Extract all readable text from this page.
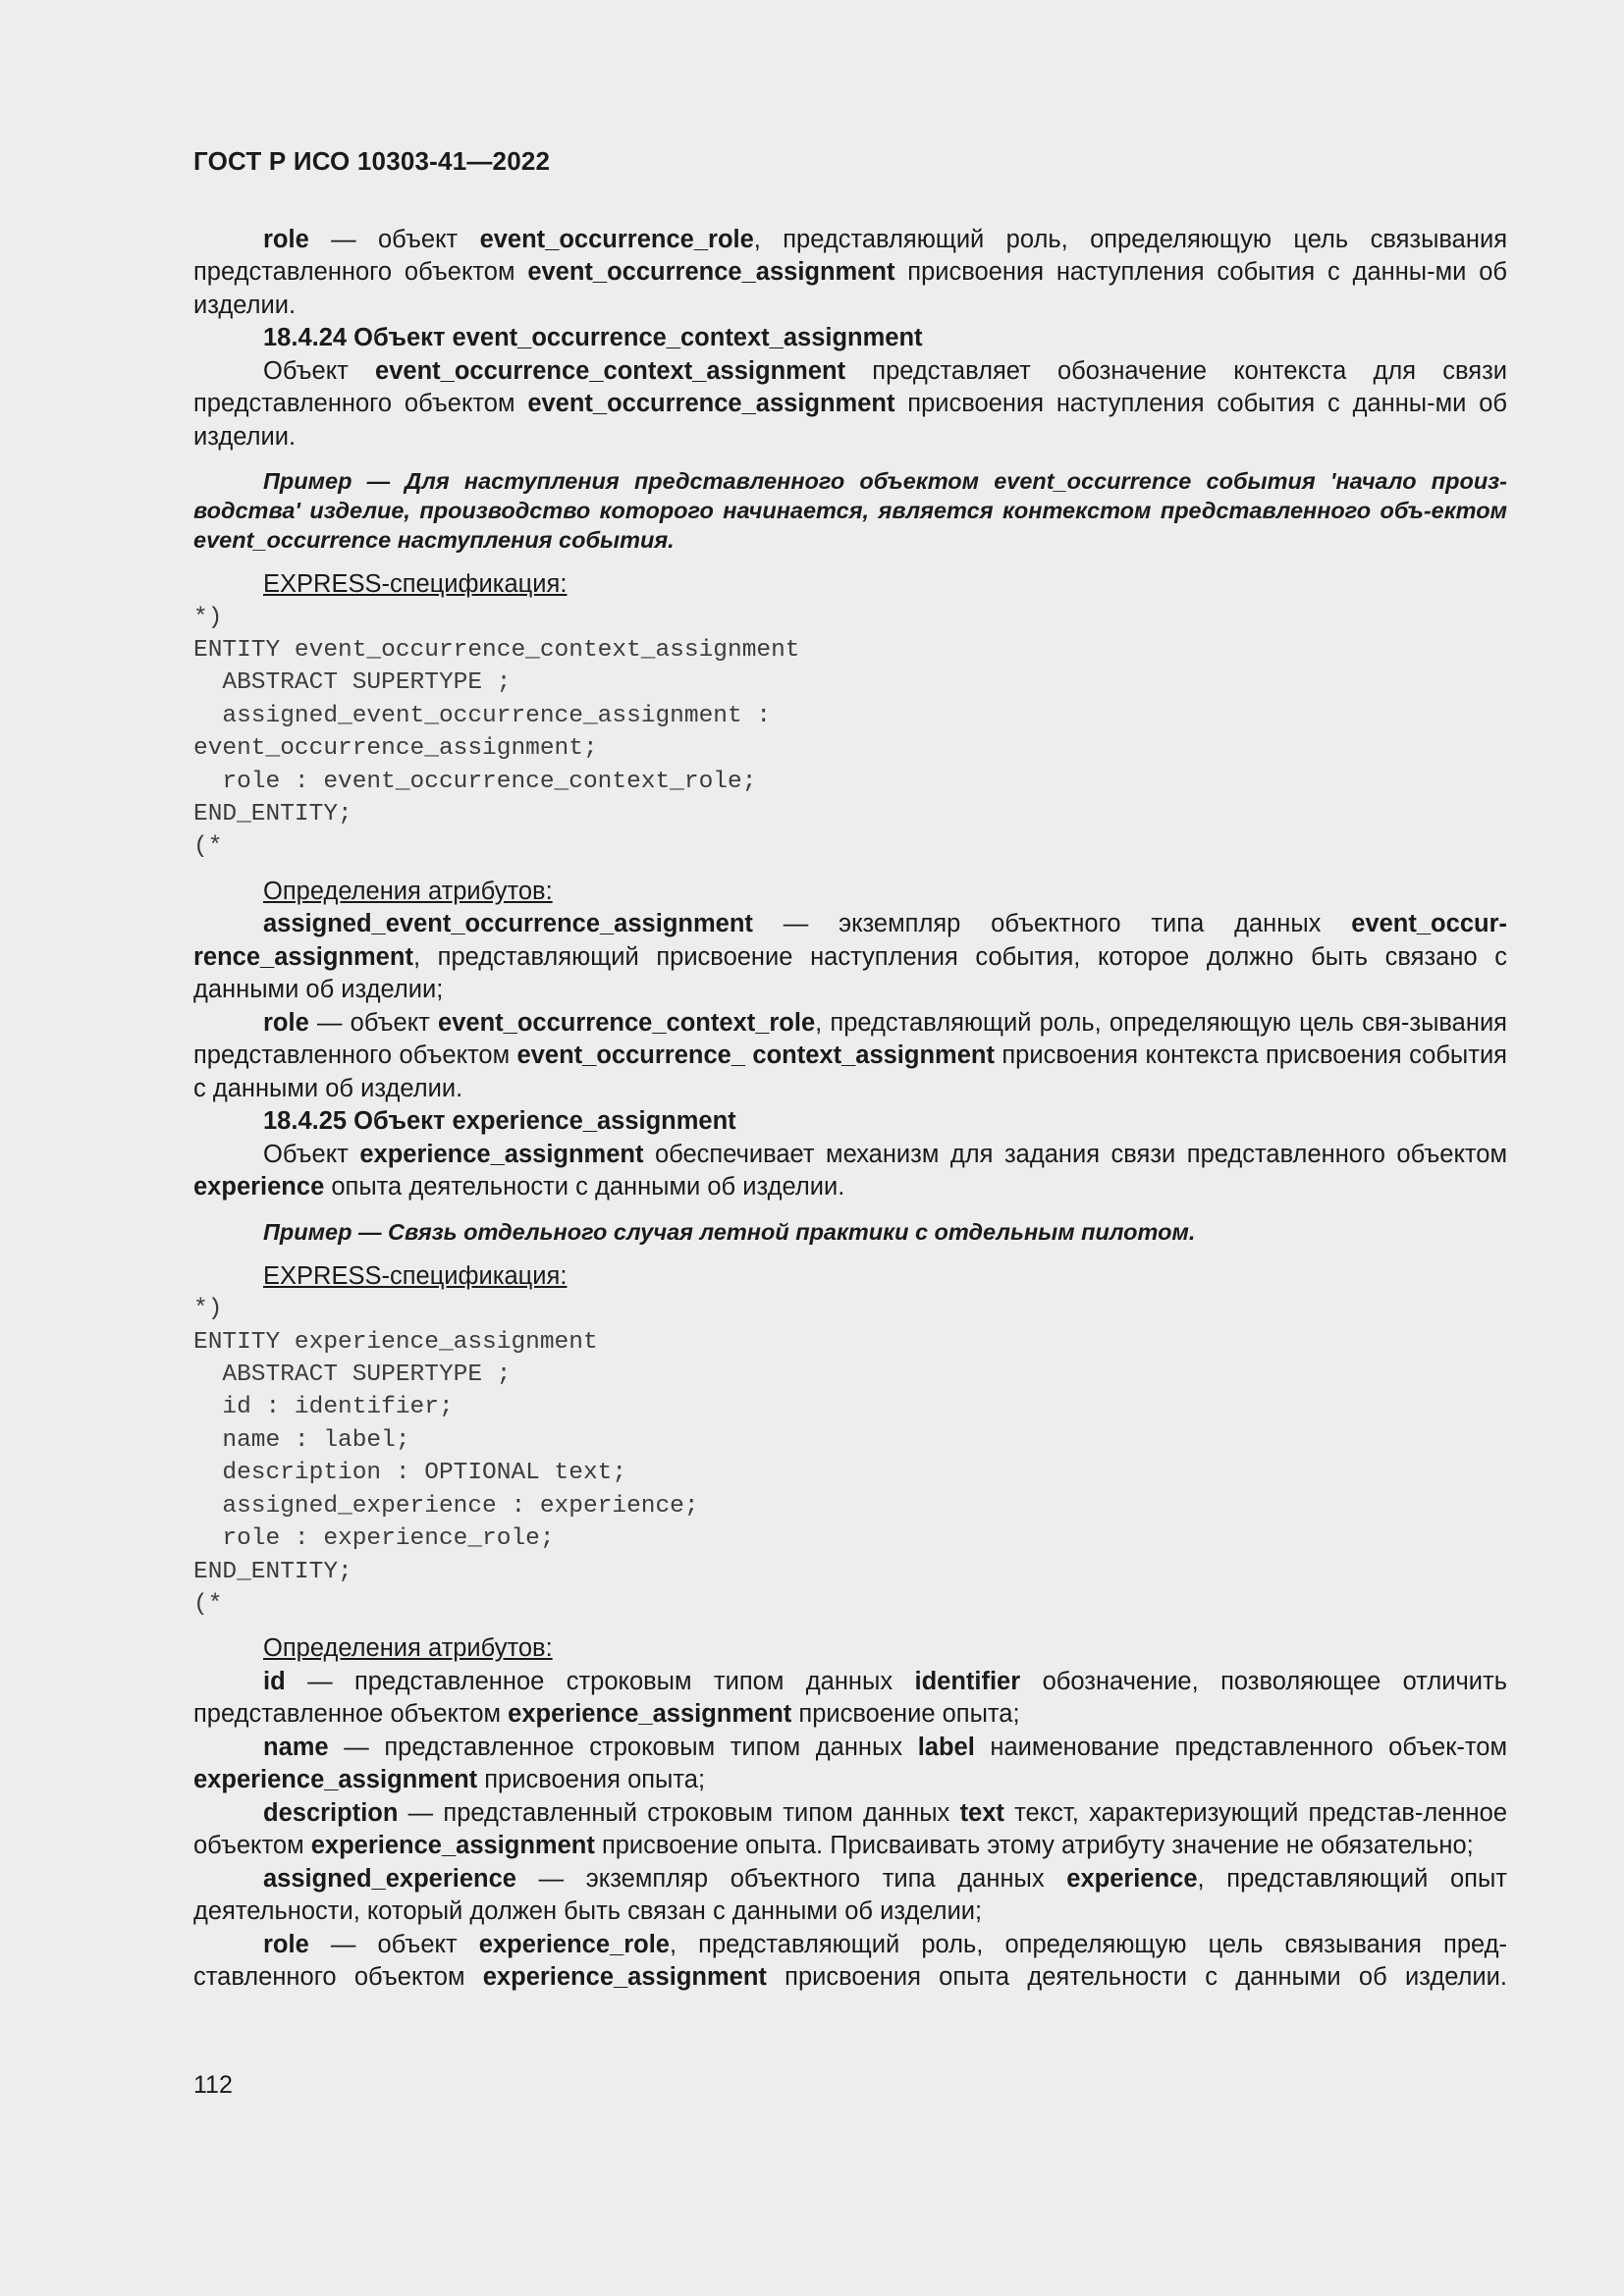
ГОСТ Р ИСО 10303-41—2022

role — объект event_occurrence_role, представляющий роль, определяющую цель связывания представленного объектом event_occurrence_assignment присвоения наступления события с данны-ми об изделии.

18.4.24 Объект event_occurrence_context_assignment

Объект event_occurrence_context_assignment представляет обозначение контекста для связи представленного объектом event_occurrence_assignment присвоения наступления события с данны-ми об изделии.

Пример — Для наступления представленного объектом event_occurrence события 'начало произ-водства' изделие, производство которого начинается, является контекстом представленного объ-ектом event_occurrence наступления события.

EXPRESS-спецификация:

*)
ENTITY event_occurrence_context_assignment
ABSTRACT SUPERTYPE ;
assigned_event_occurrence_assignment :
event_occurrence_assignment;
role : event_occurrence_context_role;
END_ENTITY;
(*

Определения атрибутов:

assigned_event_occurrence_assignment — экземпляр объектного типа данных event_occur-rence_assignment, представляющий присвоение наступления события, которое должно быть связано с данными об изделии;

role — объект event_occurrence_context_role, представляющий роль, определяющую цель свя-зывания представленного объектом event_occurrence_ context_assignment присвоения контекста присвоения события с данными об изделии.

18.4.25 Объект experience_assignment

Объект experience_assignment обеспечивает механизм для задания связи представленного объектом experience опыта деятельности с данными об изделии.

Пример — Связь отдельного случая летной практики с отдельным пилотом.

EXPRESS-спецификация:

*)
ENTITY experience_assignment
ABSTRACT SUPERTYPE ;
id : identifier;
name : label;
description : OPTIONAL text;
assigned_experience : experience;
role : experience_role;
END_ENTITY;
(*

Определения атрибутов:

id — представленное строковым типом данных identifier обозначение, позволяющее отличить представленное объектом experience_assignment присвоение опыта;

name — представленное строковым типом данных label наименование представленного объек-том experience_assignment присвоения опыта;

description — представленный строковым типом данных text текст, характеризующий представ-ленное объектом experience_assignment присвоение опыта. Присваивать этому атрибуту значение не обязательно;

assigned_experience — экземпляр объектного типа данных experience, представляющий опыт деятельности, который должен быть связан с данными об изделии;

role — объект experience_role, представляющий роль, определяющую цель связывания пред-ставленного объектом experience_assignment присвоения опыта деятельности с данными об изделии.

112
